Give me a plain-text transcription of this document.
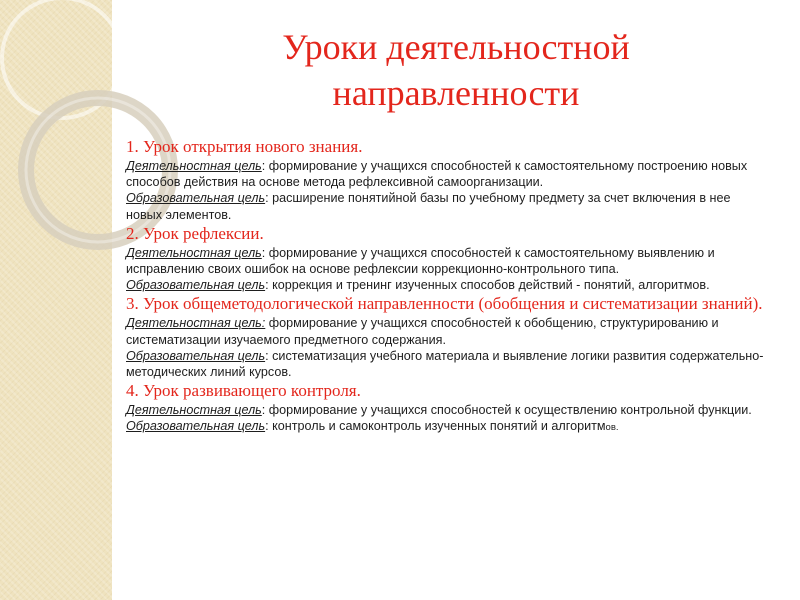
Уроки деятельностной
направленности
1. Урок открытия нового знания.
Деятельностная цель: формирование у учащихся способностей к самостоятельному построению новых способов действия на основе метода рефлексивной самоорганизации.
Образовательная цель: расширение понятийной базы по учебному предмету за счет включения в нее новых элементов.
2. Урок рефлексии.
Деятельностная цель: формирование у учащихся способностей к самостоятельному выявлению и исправлению своих ошибок на основе рефлексии коррекционно-контрольного типа.
Образовательная цель: коррекция и тренинг изученных способов действий - понятий, алгоритмов.
3. Урок общеметодологической направленности (обобщения и систематизации знаний).
Деятельностная цель: формирование у учащихся способностей к обобщению, структурированию и систематизации изучаемого предметного содержания.
Образовательная цель: систематизация учебного материала и выявление логики развития содержательно-методических линий курсов.
4. Урок развивающего контроля.
Деятельностная цель: формирование у учащихся способностей к осуществлению контрольной функции.
Образовательная цель: контроль и самоконтроль изученных понятий и алгоритмов.
